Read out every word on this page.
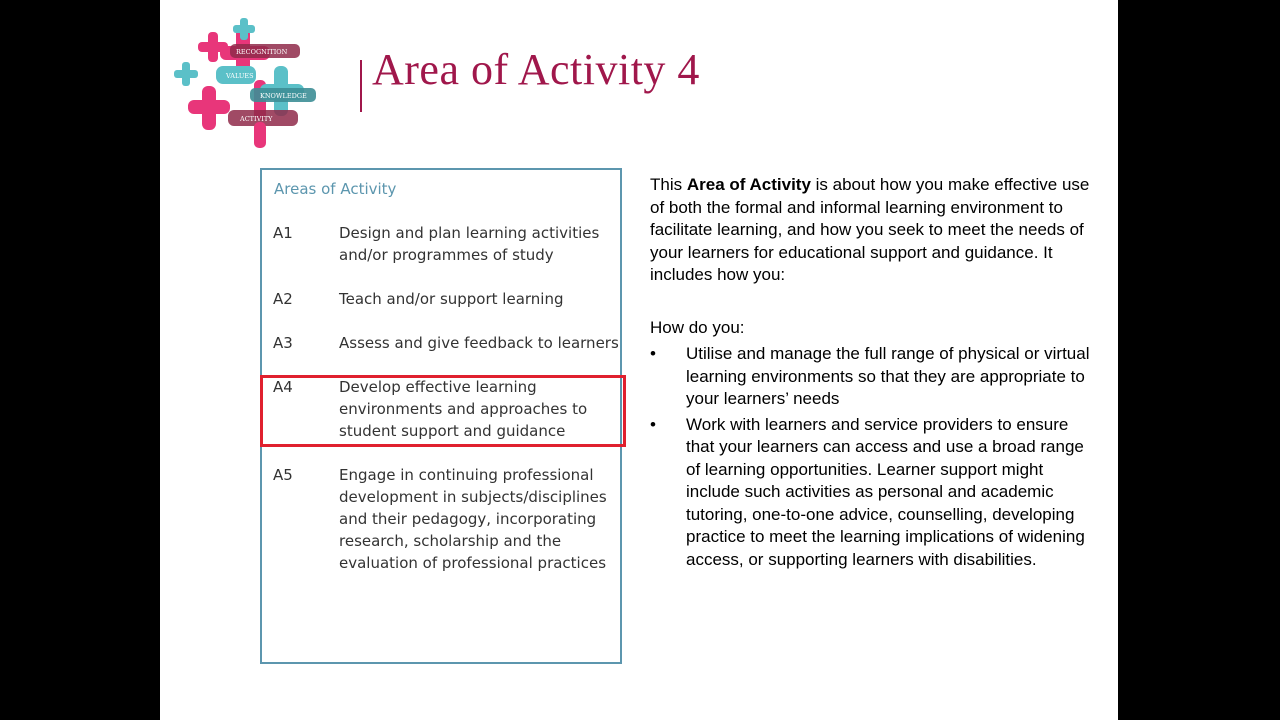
RECOGNITION
VALUES
KNOWLEDGE
ACTIVITY
Area of Activity 4
Areas of Activity
A1	Design and plan learning activities and/or programmes of study
A2	Teach and/or support learning
A3	Assess and give feedback to learners
A4	Develop effective learning environments and approaches to student support and guidance
A5	Engage in continuing professional development in subjects/disciplines and their pedagogy, incorporating research, scholarship and the evaluation of professional practices

This Area of Activity is about how you make effective use of both the formal and informal learning environment to facilitate learning, and how you seek to meet the needs of your learners for educational support and guidance. It includes how you:

How do you:

• Utilise and manage the full range of physical or virtual learning environments so that they are appropriate to your learners’ needs
• Work with learners and service providers to ensure that your learners can access and use a broad range of learning opportunities. Learner support might include such activities as personal and academic tutoring, one-to-one advice, counselling, developing practice to meet the learning implications of widening access, or supporting learners with disabilities.
